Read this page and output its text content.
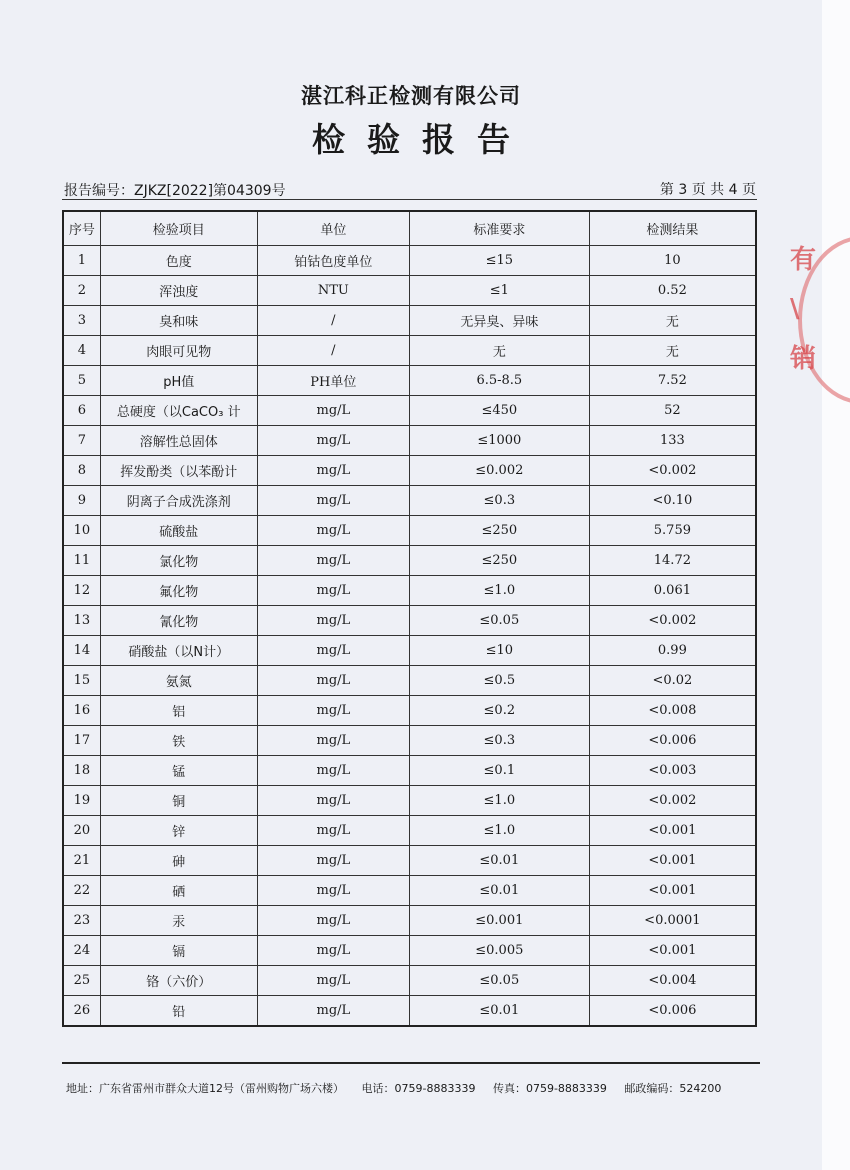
湛江科正检测有限公司
检验报告
报告编号：ZJKZ[2022]第04309号	第 3 页 共 4 页
序号	检验项目	单位	标准要求	检测结果
1	色度	铂钴色度单位	≤15	10
2	浑浊度	NTU	≤1	0.52
3	臭和味	/	无异臭、异味	无
4	肉眼可见物	/	无	无
5	pH值	PH单位	6.5-8.5	7.52
6	总硬度（以CaCO₃ 计	mg/L	≤450	52
7	溶解性总固体	mg/L	≤1000	133
8	挥发酚类（以苯酚计	mg/L	≤0.002	<0.002
9	阴离子合成洗涤剂	mg/L	≤0.3	<0.10
10	硫酸盐	mg/L	≤250	5.759
11	氯化物	mg/L	≤250	14.72
12	氟化物	mg/L	≤1.0	0.061
13	氰化物	mg/L	≤0.05	<0.002
14	硝酸盐（以N计）	mg/L	≤10	0.99
15	氨氮	mg/L	≤0.5	<0.02
16	铝	mg/L	≤0.2	<0.008
17	铁	mg/L	≤0.3	<0.006
18	锰	mg/L	≤0.1	<0.003
19	铜	mg/L	≤1.0	<0.002
20	锌	mg/L	≤1.0	<0.001
21	砷	mg/L	≤0.01	<0.001
22	硒	mg/L	≤0.01	<0.001
23	汞	mg/L	≤0.001	<0.0001
24	镉	mg/L	≤0.005	<0.001
25	铬（六价）	mg/L	≤0.05	<0.004
26	铅	mg/L	≤0.01	<0.006
地址：广东省雷州市群众大道12号（雷州购物广场六楼） 电话：0759-8883339 传真：0759-8883339 邮政编码：524200
有
\
销
